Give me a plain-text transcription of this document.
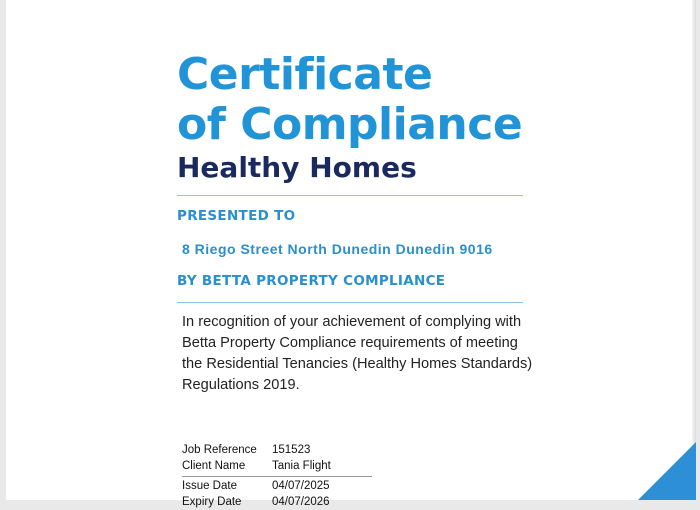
Certificate
of Compliance
Healthy Homes

PRESENTED TO

8 Riego Street North Dunedin Dunedin 9016

BY BETTA PROPERTY COMPLIANCE

In recognition of your achievement of complying with
Betta Property Compliance requirements of meeting
the Residential Tenancies (Healthy Homes Standards)
Regulations 2019.

Job Reference	151523
Client Name	Tania Flight
Issue Date	04/07/2025
Expiry Date	04/07/2026
